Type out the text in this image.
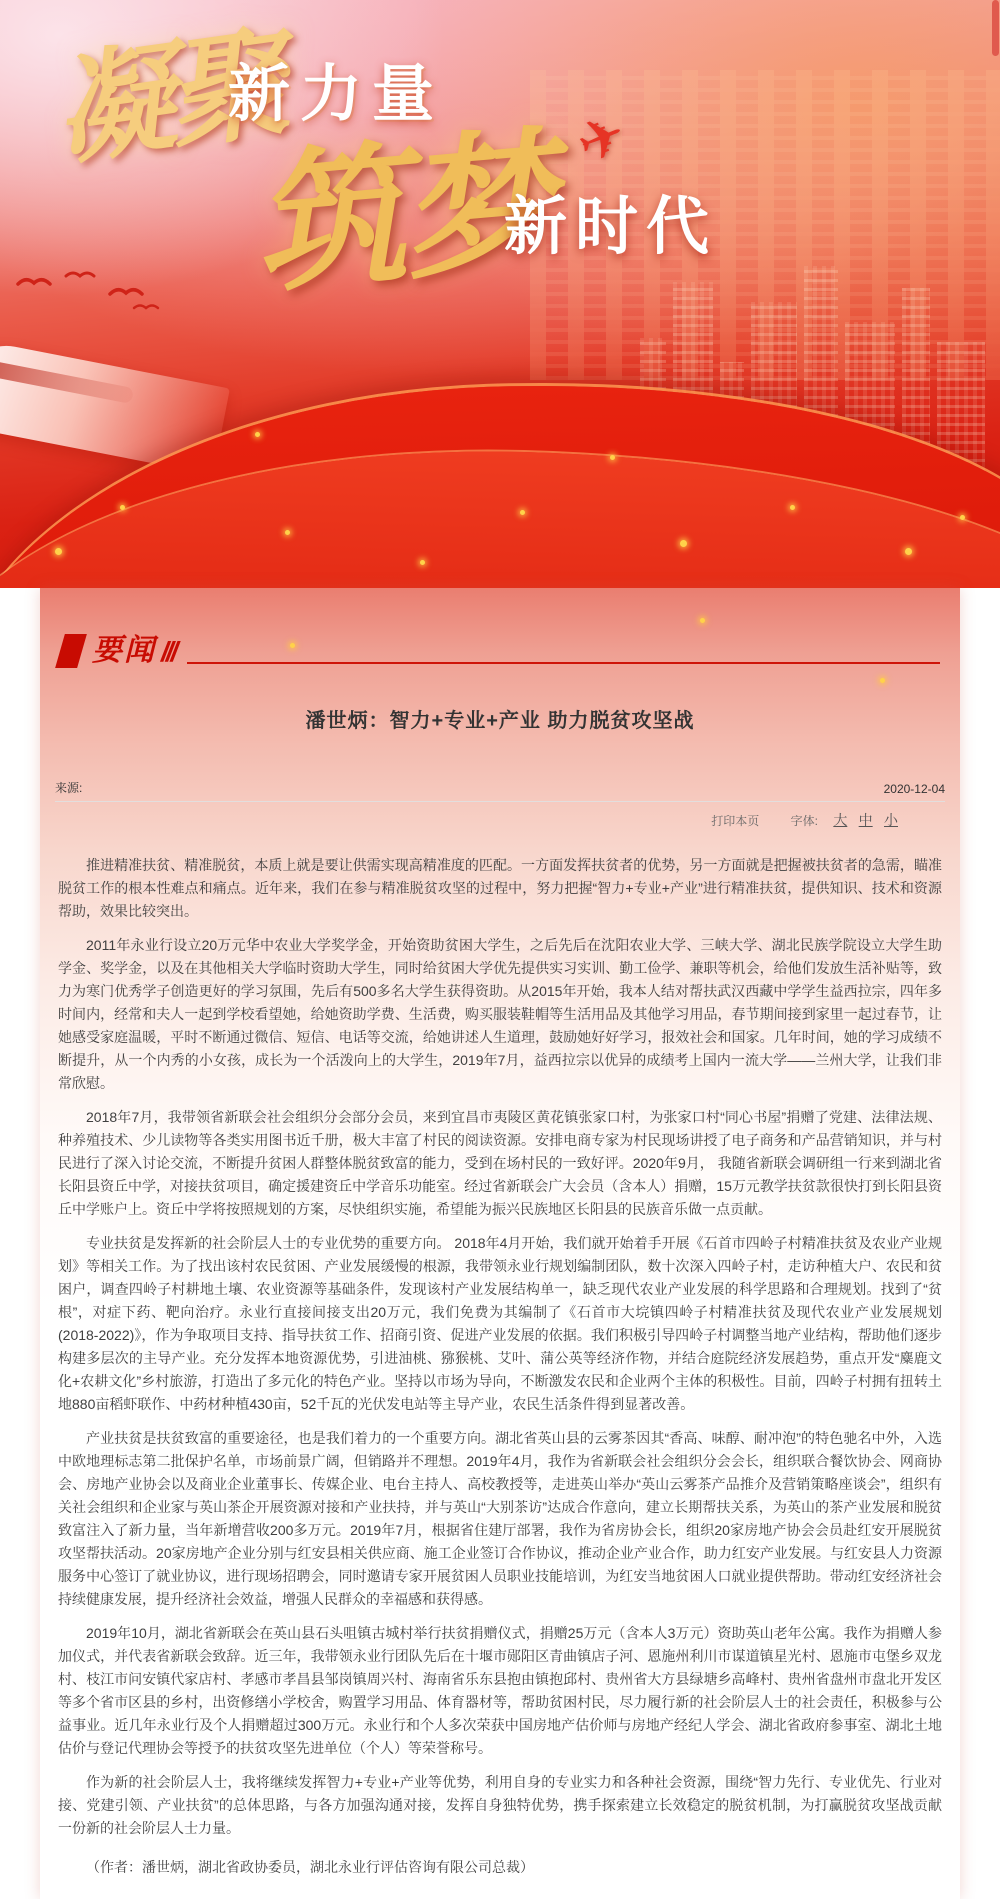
凝聚
筑梦
新力量
新时代
✈
要闻 ///
潘世炳：智力+专业+产业 助力脱贫攻坚战
来源:	2020-12-04
打印本页	字体: 大 中 小

推进精准扶贫、精准脱贫，本质上就是要让供需实现高精准度的匹配。一方面发挥扶贫者的优势，另一方面就是把握被扶贫者的急需，瞄准脱贫工作的根本性难点和痛点。近年来，我们在参与精准脱贫攻坚的过程中，努力把握“智力+专业+产业”进行精准扶贫，提供知识、技术和资源帮助，效果比较突出。

2011年永业行设立20万元华中农业大学奖学金，开始资助贫困大学生，之后先后在沈阳农业大学、三峡大学、湖北民族学院设立大学生助学金、奖学金，以及在其他相关大学临时资助大学生，同时给贫困大学优先提供实习实训、勤工俭学、兼职等机会，给他们发放生活补贴等，致力为寒门优秀学子创造更好的学习氛围，先后有500多名大学生获得资助。从2015年开始，我本人结对帮扶武汉西藏中学学生益西拉宗，四年多时间内，经常和夫人一起到学校看望她，给她资助学费、生活费，购买服装鞋帽等生活用品及其他学习用品，春节期间接到家里一起过春节，让她感受家庭温暖，平时不断通过微信、短信、电话等交流，给她讲述人生道理，鼓励她好好学习，报效社会和国家。几年时间，她的学习成绩不断提升，从一个内秀的小女孩，成长为一个活泼向上的大学生，2019年7月，益西拉宗以优异的成绩考上国内一流大学——兰州大学，让我们非常欣慰。

2018年7月，我带领省新联会社会组织分会部分会员，来到宜昌市夷陵区黄花镇张家口村，为张家口村“同心书屋”捐赠了党建、法律法规、种养殖技术、少儿读物等各类实用图书近千册，极大丰富了村民的阅读资源。安排电商专家为村民现场讲授了电子商务和产品营销知识，并与村民进行了深入讨论交流，不断提升贫困人群整体脱贫致富的能力，受到在场村民的一致好评。2020年9月， 我随省新联会调研组一行来到湖北省长阳县资丘中学，对接扶贫项目，确定援建资丘中学音乐功能室。经过省新联会广大会员（含本人）捐赠，15万元教学扶贫款很快打到长阳县资丘中学账户上。资丘中学将按照规划的方案，尽快组织实施，希望能为振兴民族地区长阳县的民族音乐做一点贡献。

专业扶贫是发挥新的社会阶层人士的专业优势的重要方向。 2018年4月开始，我们就开始着手开展《石首市四岭子村精准扶贫及农业产业规划》等相关工作。为了找出该村农民贫困、产业发展缓慢的根源，我带领永业行规划编制团队，数十次深入四岭子村，走访种植大户、农民和贫困户，调查四岭子村耕地土壤、农业资源等基础条件，发现该村产业发展结构单一，缺乏现代农业产业发展的科学思路和合理规划。找到了“贫根”，对症下药、靶向治疗。永业行直接间接支出20万元，我们免费为其编制了《石首市大垸镇四岭子村精准扶贫及现代农业产业发展规划(2018-2022)》，作为争取项目支持、指导扶贫工作、招商引资、促进产业发展的依据。我们积极引导四岭子村调整当地产业结构，帮助他们逐步构建多层次的主导产业。充分发挥本地资源优势，引进油桃、猕猴桃、艾叶、蒲公英等经济作物，并结合庭院经济发展趋势，重点开发“麋鹿文化+农耕文化”乡村旅游，打造出了多元化的特色产业。坚持以市场为导向，不断激发农民和企业两个主体的积极性。目前，四岭子村拥有扭转土地880亩稻虾联作、中药材种植430亩，52千瓦的光伏发电站等主导产业，农民生活条件得到显著改善。

产业扶贫是扶贫致富的重要途径，也是我们着力的一个重要方向。湖北省英山县的云雾茶因其“香高、味醇、耐冲泡”的特色驰名中外，入选中欧地理标志第二批保护名单，市场前景广阔，但销路并不理想。2019年4月，我作为省新联会社会组织分会会长，组织联合餐饮协会、网商协会、房地产业协会以及商业企业董事长、传媒企业、电台主持人、高校教授等，走进英山举办“英山云雾茶产品推介及营销策略座谈会”，组织有关社会组织和企业家与英山茶企开展资源对接和产业扶持，并与英山“大别茶访”达成合作意向，建立长期帮扶关系，为英山的茶产业发展和脱贫致富注入了新力量，当年新增营收200多万元。2019年7月，根据省住建厅部署，我作为省房协会长，组织20家房地产协会会员赴红安开展脱贫攻坚帮扶活动。20家房地产企业分别与红安县相关供应商、施工企业签订合作协议，推动企业产业合作，助力红安产业发展。与红安县人力资源服务中心签订了就业协议，进行现场招聘会，同时邀请专家开展贫困人员职业技能培训，为红安当地贫困人口就业提供帮助。带动红安经济社会持续健康发展，提升经济社会效益，增强人民群众的幸福感和获得感。

2019年10月，湖北省新联会在英山县石头咀镇古城村举行扶贫捐赠仪式，捐赠25万元（含本人3万元）资助英山老年公寓。我作为捐赠人参加仪式，并代表省新联会致辞。近三年，我带领永业行团队先后在十堰市郧阳区青曲镇店子河、恩施州利川市谋道镇星光村、恩施市屯堡乡双龙村、枝江市问安镇代家店村、孝感市孝昌县邹岗镇周兴村、海南省乐东县抱由镇抱邱村、贵州省大方县绿塘乡高峰村、贵州省盘州市盘北开发区等多个省市区县的乡村，出资修缮小学校舍，购置学习用品、体育器材等，帮助贫困村民，尽力履行新的社会阶层人士的社会责任，积极参与公益事业。近几年永业行及个人捐赠超过300万元。永业行和个人多次荣获中国房地产估价师与房地产经纪人学会、湖北省政府参事室、湖北土地估价与登记代理协会等授予的扶贫攻坚先进单位（个人）等荣誉称号。

作为新的社会阶层人士，我将继续发挥智力+专业+产业等优势，利用自身的专业实力和各种社会资源，围绕“智力先行、专业优先、行业对接、党建引领、产业扶贫”的总体思路，与各方加强沟通对接，发挥自身独特优势，携手探索建立长效稳定的脱贫机制，为打赢脱贫攻坚战贡献一份新的社会阶层人士力量。

（作者：潘世炳，湖北省政协委员，湖北永业行评估咨询有限公司总裁）
